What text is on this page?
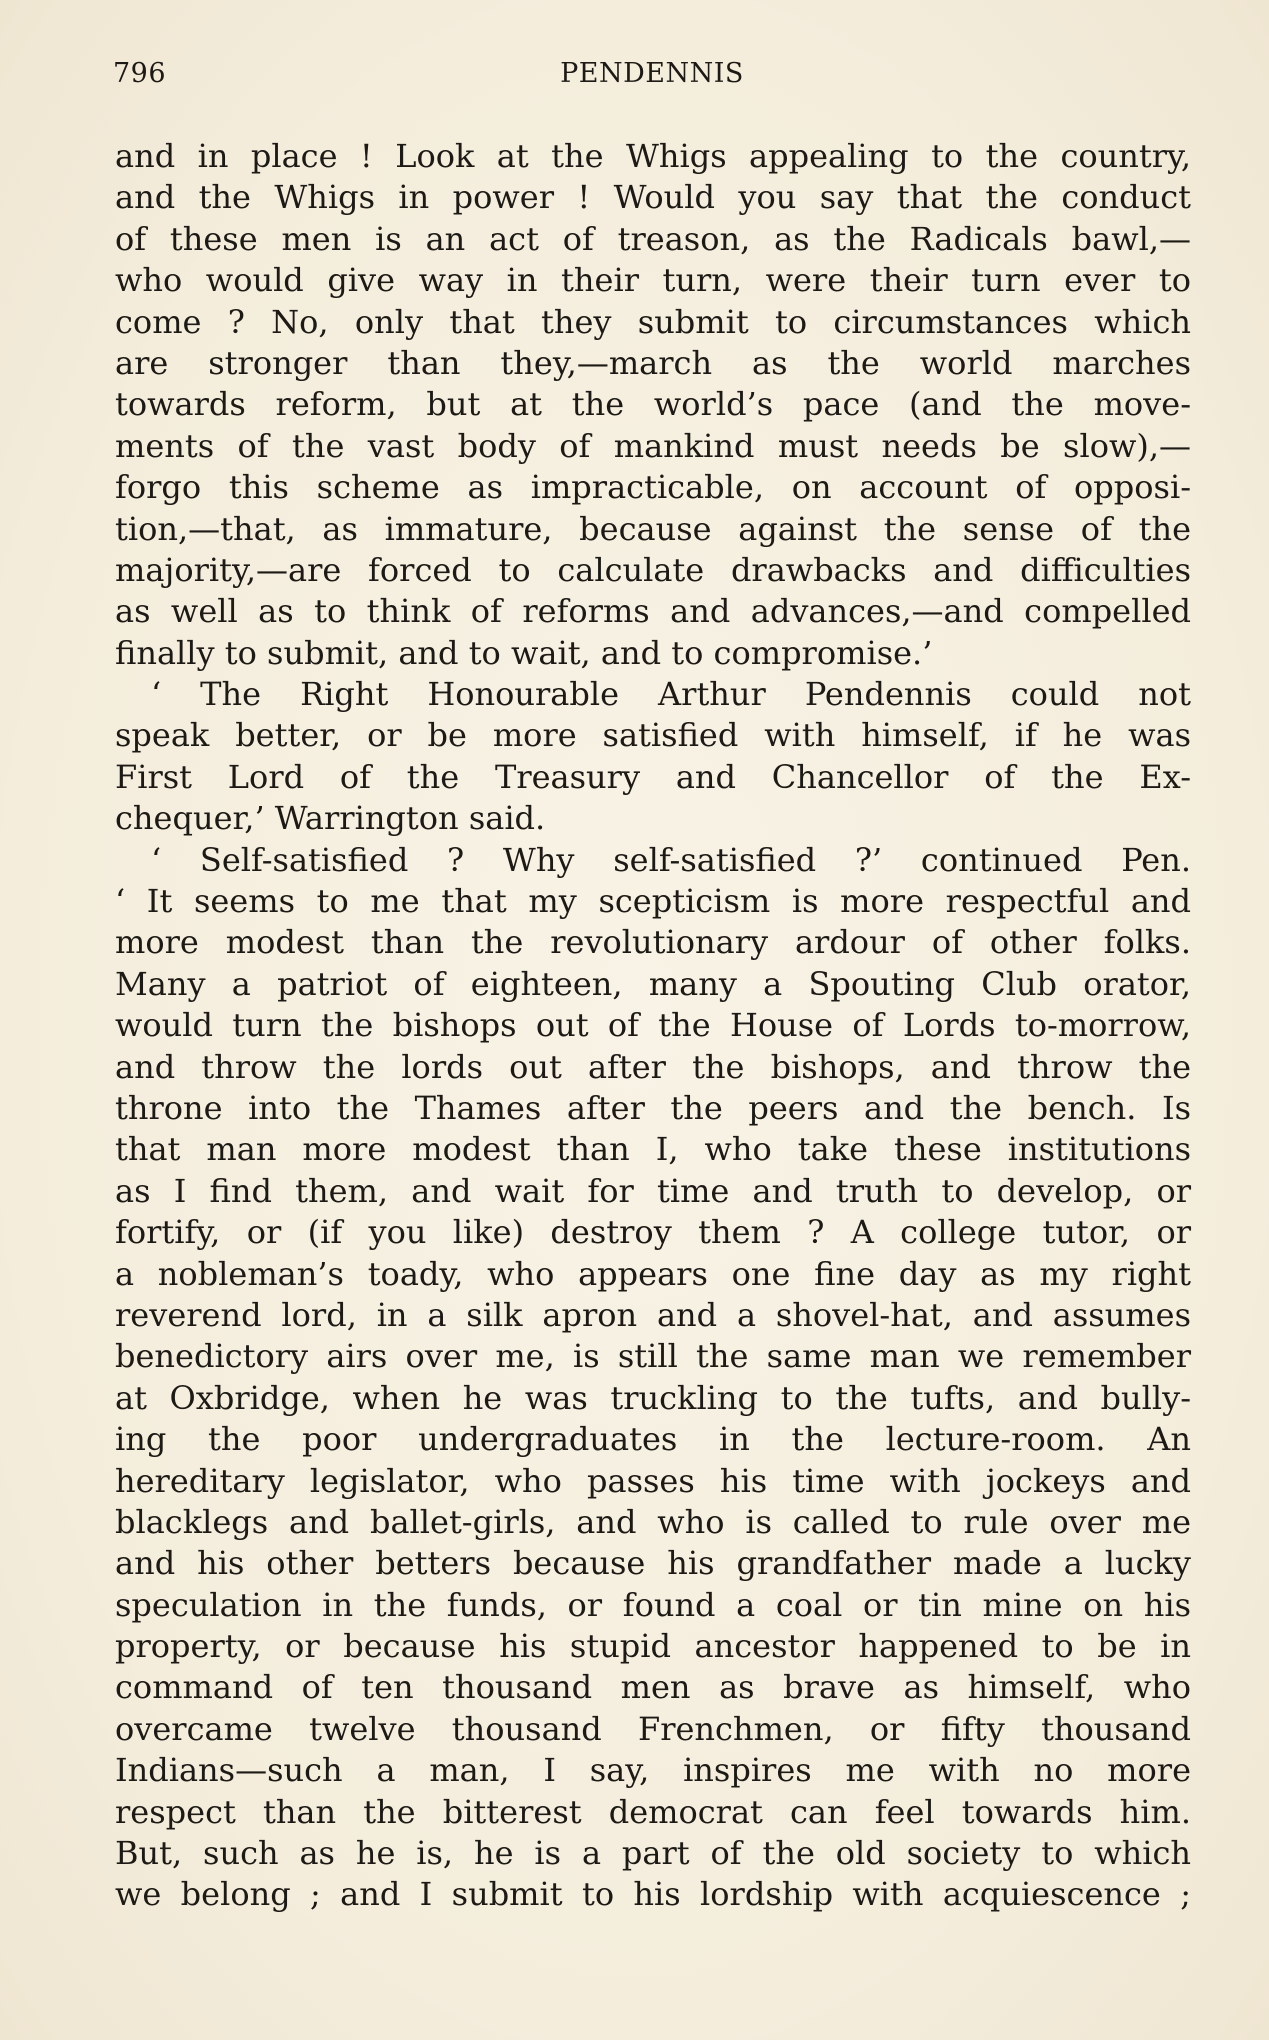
796	PENDENNIS
and in place ! Look at the Whigs appealing to the country,
and the Whigs in power ! Would you say that the conduct
of these men is an act of treason, as the Radicals bawl,—
who would give way in their turn, were their turn ever to
come ? No, only that they submit to circumstances which
are stronger than they,—march as the world marches
towards reform, but at the world’s pace (and the move-
ments of the vast body of mankind must needs be slow),—
forgo this scheme as impracticable, on account of opposi-
tion,—that, as immature, because against the sense of the
majority,—are forced to calculate drawbacks and difficulties
as well as to think of reforms and advances,—and compelled
finally to submit, and to wait, and to compromise.’
‘ The Right Honourable Arthur Pendennis could not
speak better, or be more satisfied with himself, if he was
First Lord of the Treasury and Chancellor of the Ex-
chequer,’ Warrington said.
‘ Self-satisfied ? Why self-satisfied ?’ continued Pen.
‘ It seems to me that my scepticism is more respectful and
more modest than the revolutionary ardour of other folks.
Many a patriot of eighteen, many a Spouting Club orator,
would turn the bishops out of the House of Lords to-morrow,
and throw the lords out after the bishops, and throw the
throne into the Thames after the peers and the bench. Is
that man more modest than I, who take these institutions
as I find them, and wait for time and truth to develop, or
fortify, or (if you like) destroy them ? A college tutor, or
a nobleman’s toady, who appears one fine day as my right
reverend lord, in a silk apron and a shovel-hat, and assumes
benedictory airs over me, is still the same man we remember
at Oxbridge, when he was truckling to the tufts, and bully-
ing the poor undergraduates in the lecture-room. An
hereditary legislator, who passes his time with jockeys and
blacklegs and ballet-girls, and who is called to rule over me
and his other betters because his grandfather made a lucky
speculation in the funds, or found a coal or tin mine on his
property, or because his stupid ancestor happened to be in
command of ten thousand men as brave as himself, who
overcame twelve thousand Frenchmen, or fifty thousand
Indians—such a man, I say, inspires me with no more
respect than the bitterest democrat can feel towards him.
But, such as he is, he is a part of the old society to which
we belong ; and I submit to his lordship with acquiescence ;
